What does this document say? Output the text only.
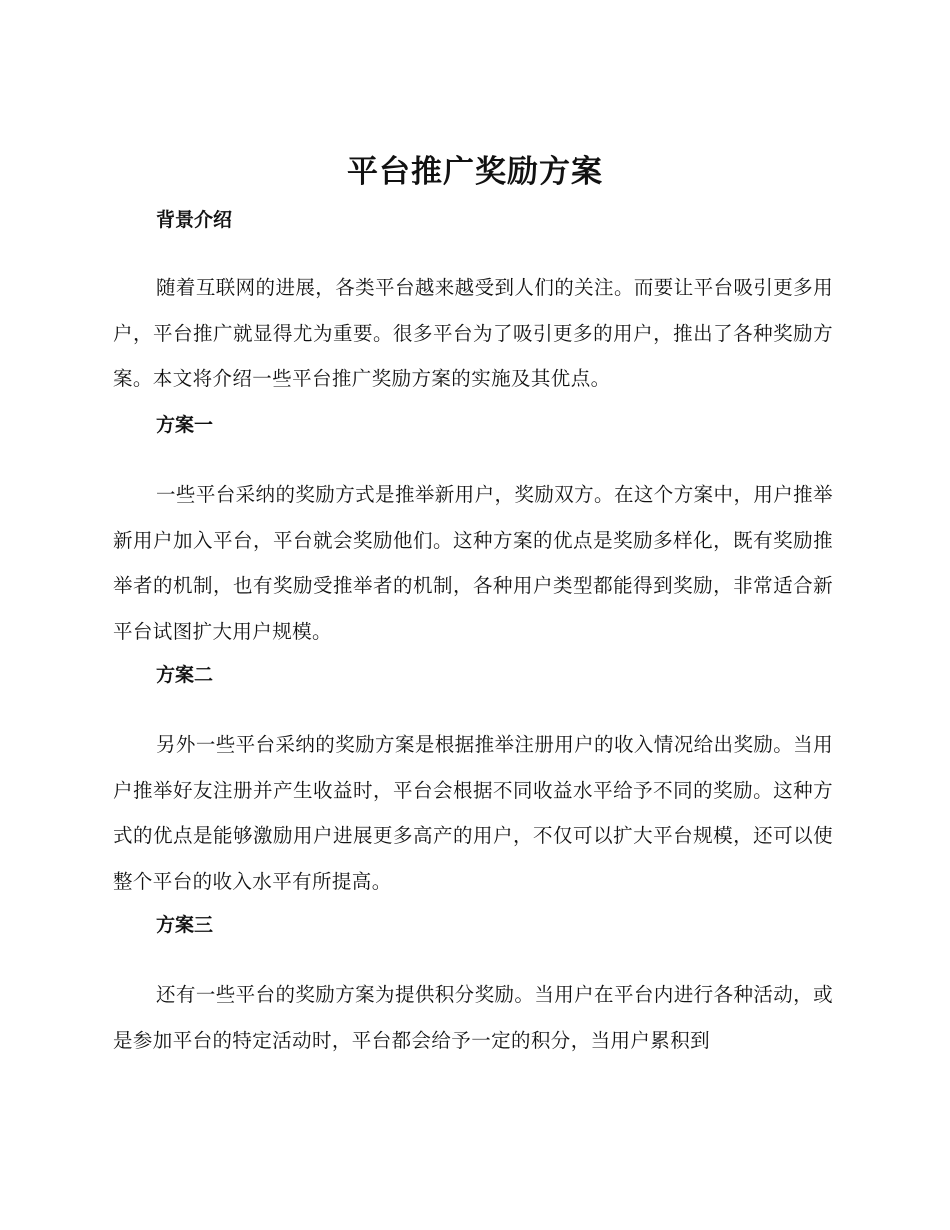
平台推广奖励方案

背景介绍

随着互联网的进展，各类平台越来越受到人们的关注。而要让平台吸引更多用户，平台推广就显得尤为重要。很多平台为了吸引更多的用户，推出了各种奖励方案。本文将介绍一些平台推广奖励方案的实施及其优点。

方案一

一些平台采纳的奖励方式是推举新用户，奖励双方。在这个方案中，用户推举新用户加入平台，平台就会奖励他们。这种方案的优点是奖励多样化，既有奖励推举者的机制，也有奖励受推举者的机制，各种用户类型都能得到奖励，非常适合新平台试图扩大用户规模。

方案二

另外一些平台采纳的奖励方案是根据推举注册用户的收入情况给出奖励。当用户推举好友注册并产生收益时，平台会根据不同收益水平给予不同的奖励。这种方式的优点是能够激励用户进展更多高产的用户，不仅可以扩大平台规模，还可以使整个平台的收入水平有所提高。

方案三

还有一些平台的奖励方案为提供积分奖励。当用户在平台内进行各种活动，或是参加平台的特定活动时，平台都会给予一定的积分，当用户累积到
